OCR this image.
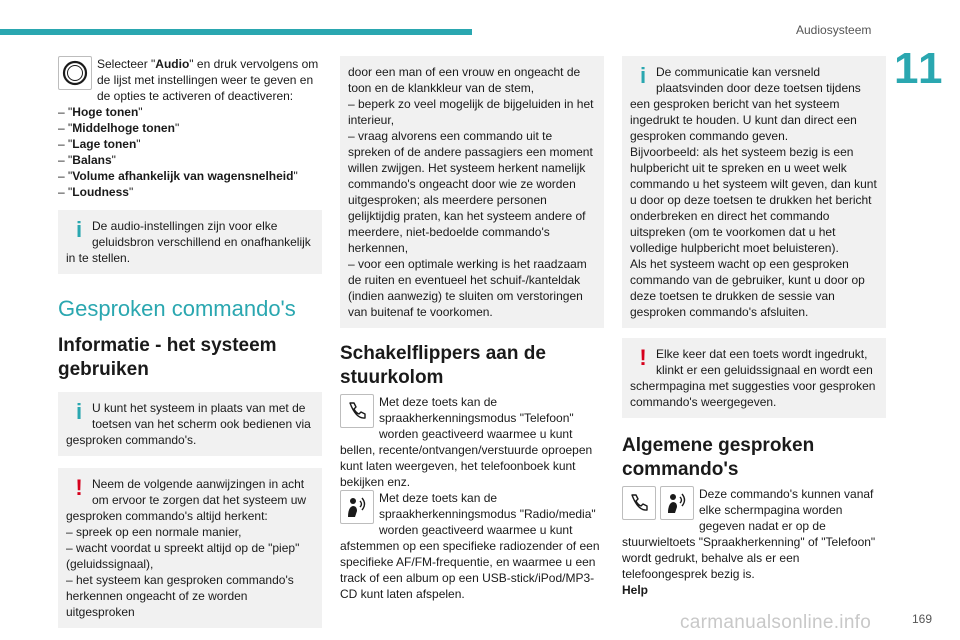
Audiosysteem
11
Selecteer "Audio" en druk vervolgens om de lijst met instellingen weer te geven en de opties te activeren of deactiveren:
– "Hoge tonen"
– "Middelhoge tonen"
– "Lage tonen"
– "Balans"
– "Volume afhankelijk van wagensnelheid"
– "Loudness"
i De audio-instellingen zijn voor elke geluidsbron verschillend en onafhankelijk in te stellen.
Gesproken commando's
Informatie - het systeem gebruiken
i U kunt het systeem in plaats van met de toetsen van het scherm ook bedienen via gesproken commando's.
! Neem de volgende aanwijzingen in acht om ervoor te zorgen dat het systeem uw gesproken commando's altijd herkent:
– spreek op een normale manier,
– wacht voordat u spreekt altijd op de "piep" (geluidssignaal),
– het systeem kan gesproken commando's herkennen ongeacht of ze worden uitgesproken
door een man of een vrouw en ongeacht de toon en de klankkleur van de stem,
– beperk zo veel mogelijk de bijgeluiden in het interieur,
– vraag alvorens een commando uit te spreken of de andere passagiers een moment willen zwijgen. Het systeem herkent namelijk commando's ongeacht door wie ze worden uitgesproken; als meerdere personen gelijktijdig praten, kan het systeem andere of meerdere, niet-bedoelde commando's herkennen,
– voor een optimale werking is het raadzaam de ruiten en eventueel het schuif-/kanteldak (indien aanwezig) te sluiten om verstoringen van buitenaf te voorkomen.
Schakelflippers aan de stuurkolom
Met deze toets kan de spraakherkenningsmodus "Telefoon" worden geactiveerd waarmee u kunt bellen, recente/ontvangen/verstuurde oproepen kunt laten weergeven, het telefoonboek kunt bekijken enz.
Met deze toets kan de spraakherkenningsmodus "Radio/media" worden geactiveerd waarmee u kunt afstemmen op een specifieke radiozender of een specifieke AF/FM-frequentie, en waarmee u een track of een album op een USB-stick/iPod/MP3-CD kunt laten afspelen.
i De communicatie kan versneld plaatsvinden door deze toetsen tijdens een gesproken bericht van het systeem ingedrukt te houden. U kunt dan direct een gesproken commando geven.
Bijvoorbeeld: als het systeem bezig is een hulpbericht uit te spreken en u weet welk commando u het systeem wilt geven, dan kunt u door op deze toetsen te drukken het bericht onderbreken en direct het commando uitspreken (om te voorkomen dat u het volledige hulpbericht moet beluisteren).
Als het systeem wacht op een gesproken commando van de gebruiker, kunt u door op deze toetsen te drukken de sessie van gesproken commando's afsluiten.
! Elke keer dat een toets wordt ingedrukt, klinkt er een geluidssignaal en wordt een schermpagina met suggesties voor gesproken commando's weergegeven.
Algemene gesproken commando's
Deze commando's kunnen vanaf elke schermpagina worden gegeven nadat er op de stuurwieltoets "Spraakherkenning" of "Telefoon" wordt gedrukt, behalve als er een telefoongesprek bezig is.
Help
carmanualsonline.info	169
